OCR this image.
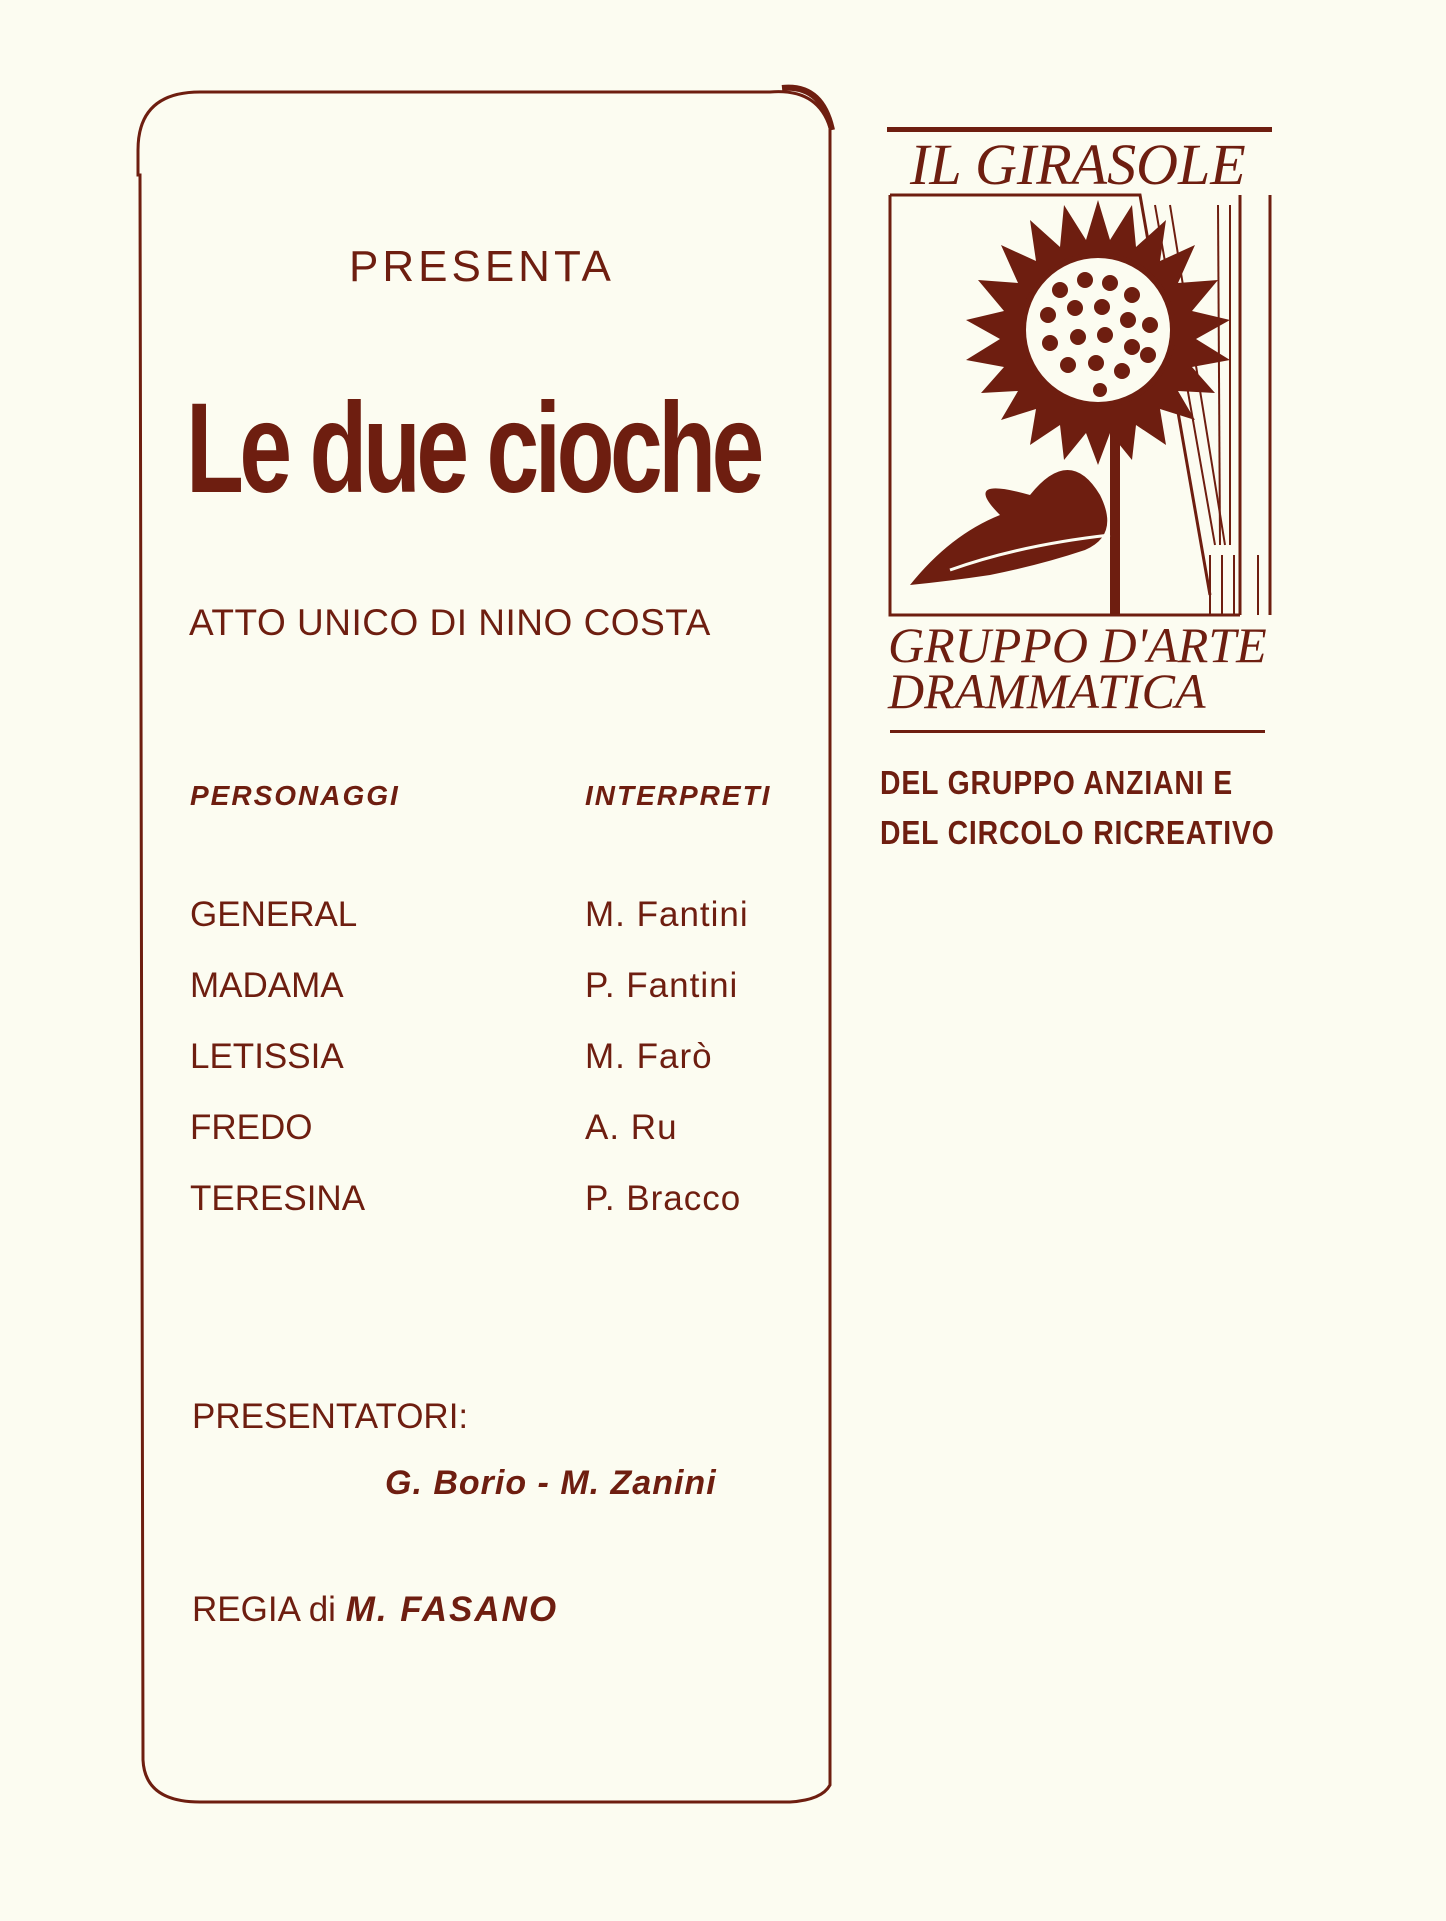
PRESENTA
Le due cioche
ATTO UNICO DI NINO COSTA
PERSONAGGI	INTERPRETI
GENERAL	M. Fantini
MADAMA	P. Fantini
LETISSIA	M. Farò
FREDO	A. Ru
TERESINA	P. Bracco
PRESENTATORI:
G. Borio - M. Zanini
REGIA di M. FASANO
IL GIRASOLE
GRUPPO D'ARTE
DRAMMATICA
DEL GRUPPO ANZIANI E
DEL CIRCOLO RICREATIVO
